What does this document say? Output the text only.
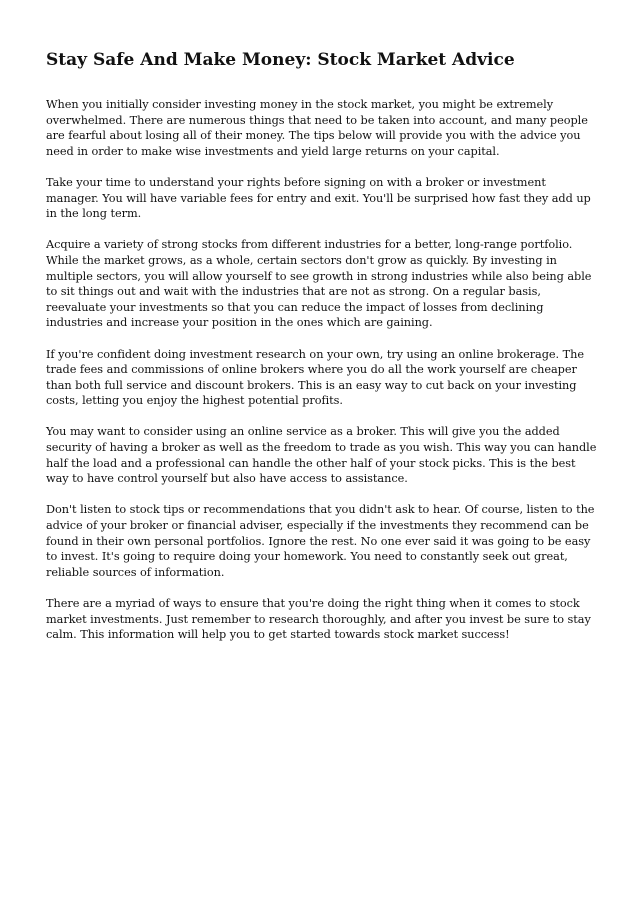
Stay Safe And Make Money: Stock Market Advice

When you initially consider investing money in the stock market, you might be extremely overwhelmed. There are numerous things that need to be taken into account, and many people are fearful about losing all of their money. The tips below will provide you with the advice you need in order to make wise investments and yield large returns on your capital.

Take your time to understand your rights before signing on with a broker or investment manager. You will have variable fees for entry and exit. You'll be surprised how fast they add up in the long term.

Acquire a variety of strong stocks from different industries for a better, long-range portfolio. While the market grows, as a whole, certain sectors don't grow as quickly. By investing in multiple sectors, you will allow yourself to see growth in strong industries while also being able to sit things out and wait with the industries that are not as strong. On a regular basis, reevaluate your investments so that you can reduce the impact of losses from declining industries and increase your position in the ones which are gaining.

If you're confident doing investment research on your own, try using an online brokerage. The trade fees and commissions of online brokers where you do all the work yourself are cheaper than both full service and discount brokers. This is an easy way to cut back on your investing costs, letting you enjoy the highest potential profits.

You may want to consider using an online service as a broker. This will give you the added security of having a broker as well as the freedom to trade as you wish. This way you can handle half the load and a professional can handle the other half of your stock picks. This is the best way to have control yourself but also have access to assistance.

Don't listen to stock tips or recommendations that you didn't ask to hear. Of course, listen to the advice of your broker or financial adviser, especially if the investments they recommend can be found in their own personal portfolios. Ignore the rest. No one ever said it was going to be easy to invest. It's going to require doing your homework. You need to constantly seek out great, reliable sources of information.

There are a myriad of ways to ensure that you're doing the right thing when it comes to stock market investments. Just remember to research thoroughly, and after you invest be sure to stay calm. This information will help you to get started towards stock market success!
